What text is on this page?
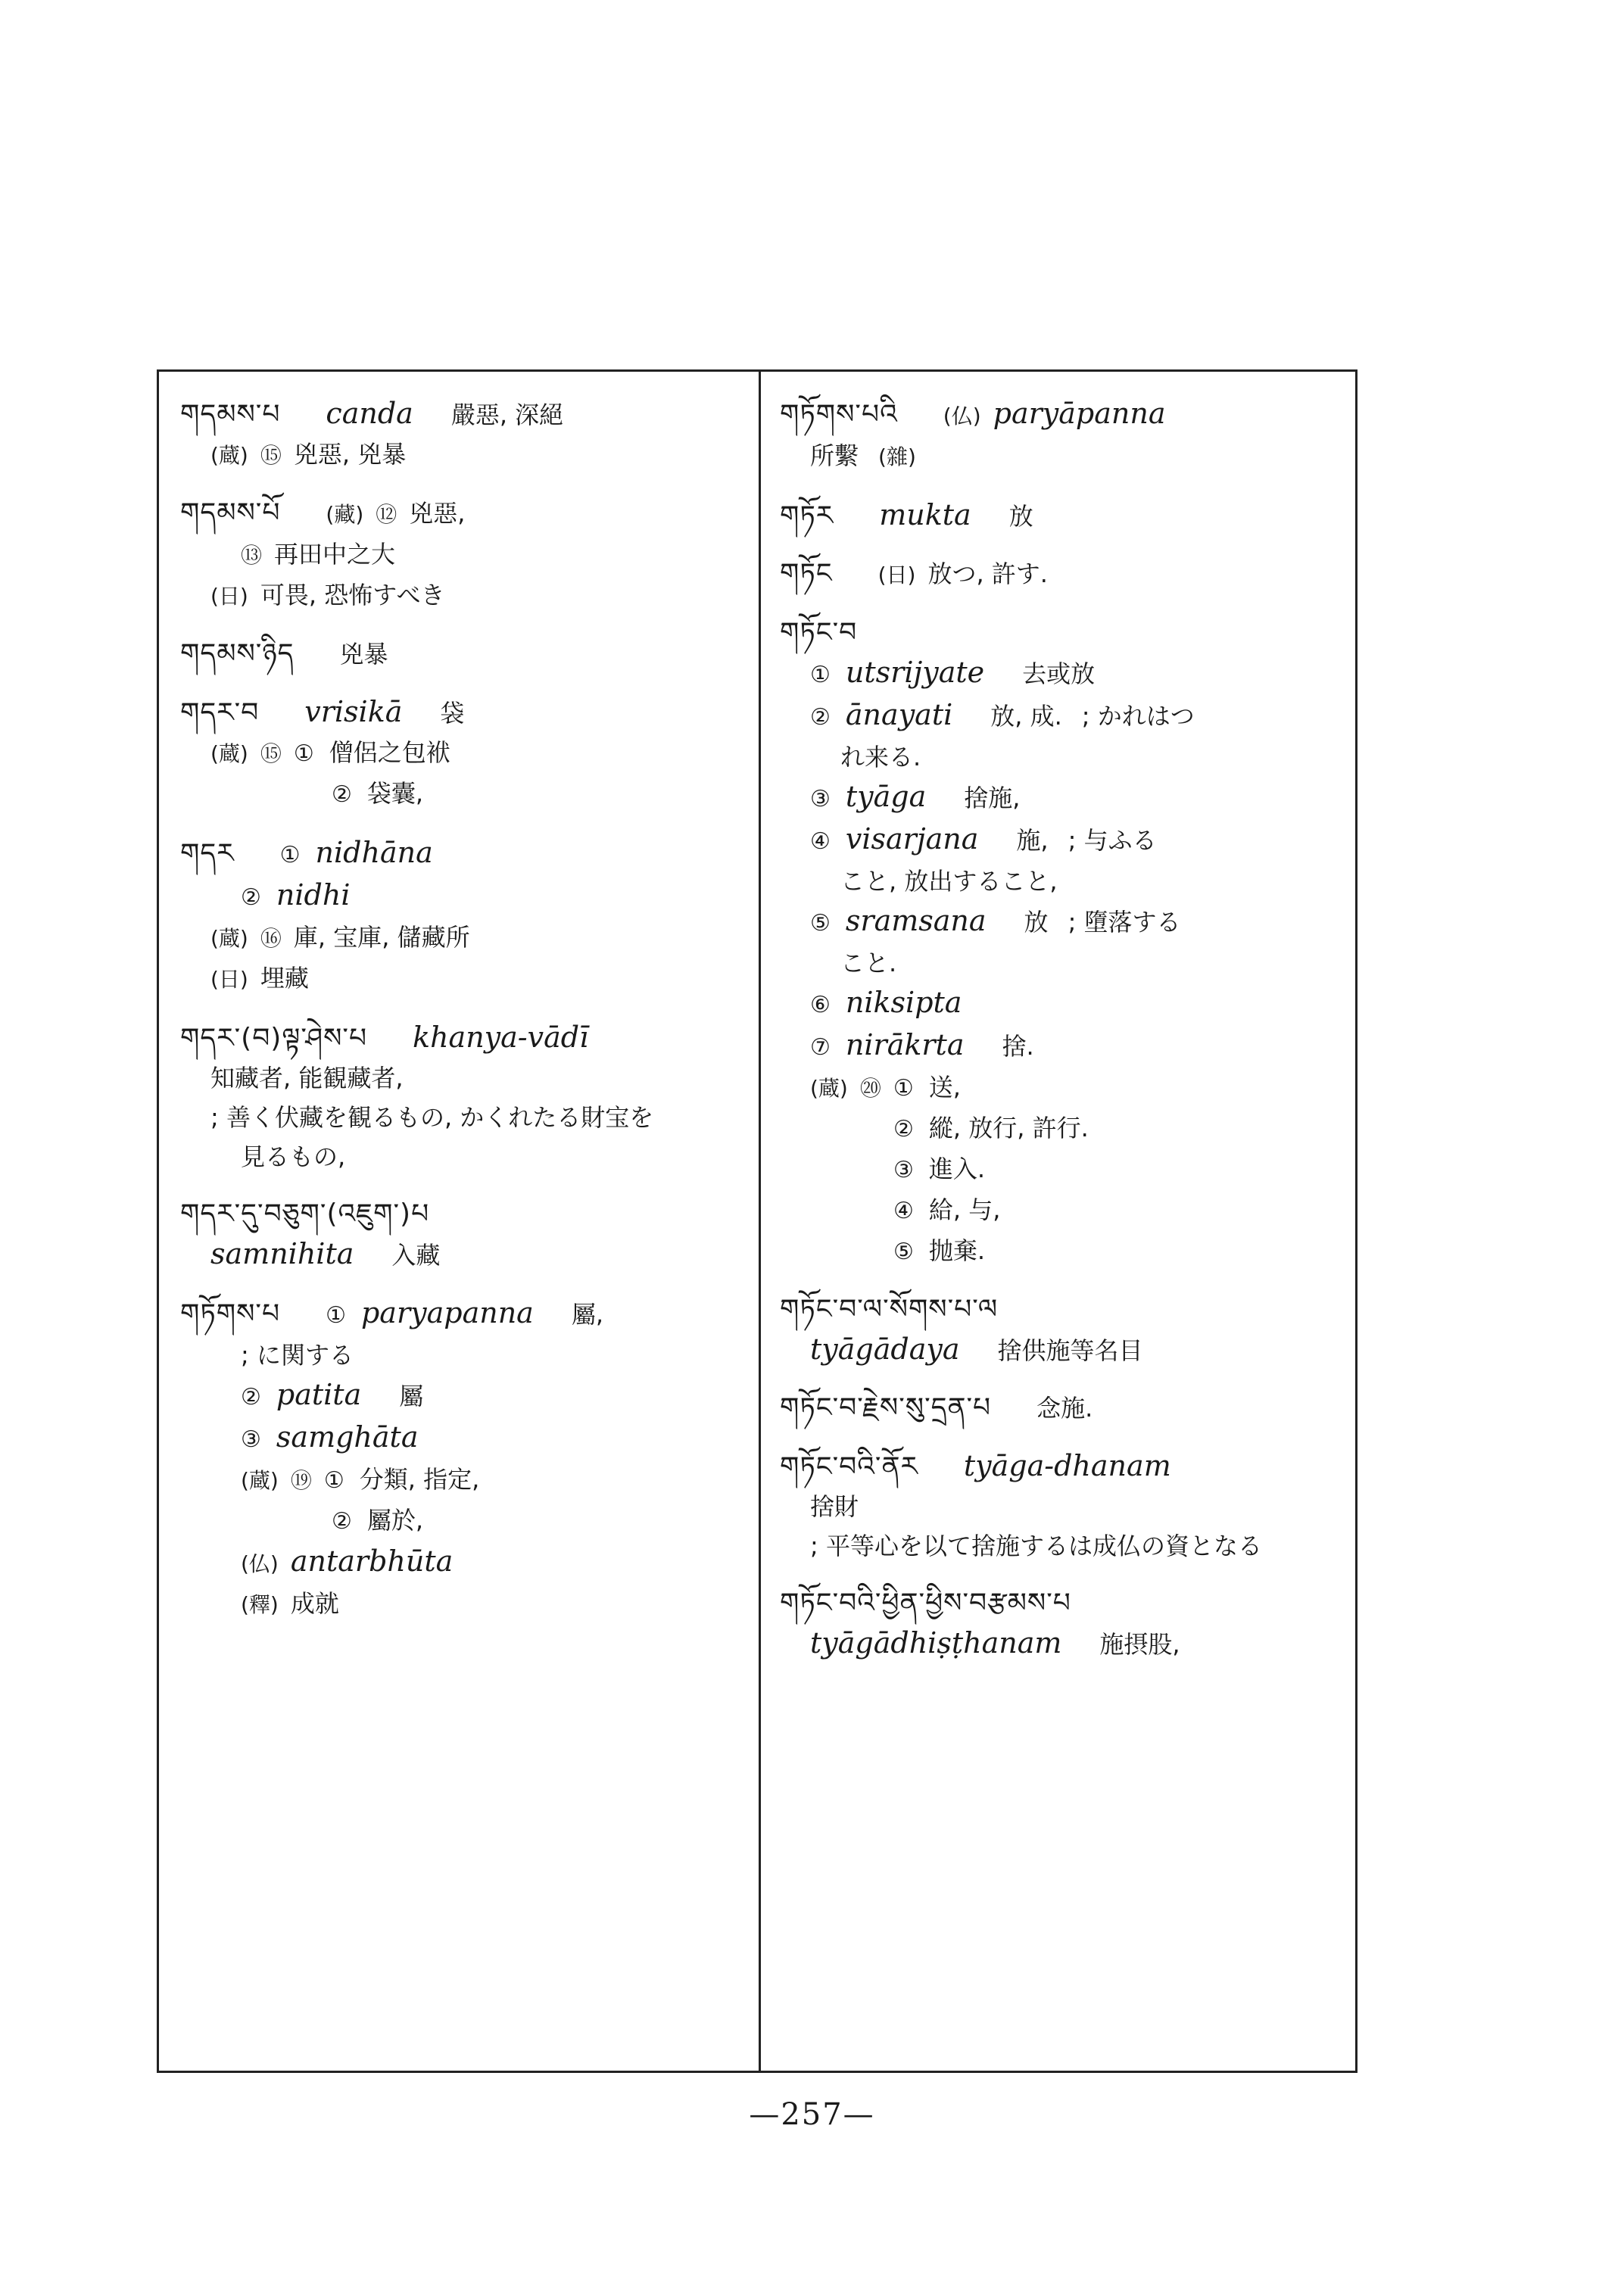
གདམས་པ canda 嚴惡, 深絕
(蔵) ⑮ 兇惡, 兇暴
གདམས་པོ (藏) ⑫ 兇惡,
⑬ 再田中之大
(日) 可畏, 恐怖すべき
གདམས་ཉིད 兇暴
གདར་བ vrisikā 袋
(蔵) ⑮ ① 僧侶之包袱
② 袋囊,
གདར ① nidhāna
② nidhi
(蔵) ⑯ 庫, 宝庫, 儲藏所
(日) 埋藏
གདར་(བ)ལྟ་ཤེས་པ khanya-vādī
知藏者, 能観藏者,
; 善く伏藏を観るもの, かくれたる財宝を
見るもの,
གདར་དུ་བཅུག་(འཇུག་)པ
samnihita 入藏
གཏོགས་པ ① paryapanna 屬,
; に関する
② patita 屬
③ samghāta
(蔵) ⑲ ① 分類, 指定,
② 屬於,
(仏) antarbhūta
(釋) 成就
གཏོགས་པའི (仏) paryāpanna
所繫 (雜)
གཏོར mukta 放
གཏོང (日) 放つ, 許す.
གཏོང་བ
① utsrijyate 去或放
② ānayati 放, 成. ; かれはつ
れ来る.
③ tyāga 捨施,
④ visarjana 施, ; 与ふる
こと, 放出すること,
⑤ sramsana 放 ; 墮落する
こと.
⑥ niksipta
⑦ nirākrta 捨.
(蔵) ⑳ ① 送,
② 縱, 放行, 許行.
③ 進入.
④ 給, 与,
⑤ 抛棄.
གཏོང་བ་ལ་སོགས་པ་ལ
tyāgādaya 捨供施等名目
གཏོང་བ་རྗེས་སུ་དྲན་པ 念施.
གཏོང་བའི་ནོར tyāga-dhanam
捨財
; 平等心を以て捨施するは成仏の資となる
གཏོང་བའི་ཕྱིན་ཕྱིས་བརྩམས་པ
tyāgādhiṣṭhanam 施摂股,
—257—
